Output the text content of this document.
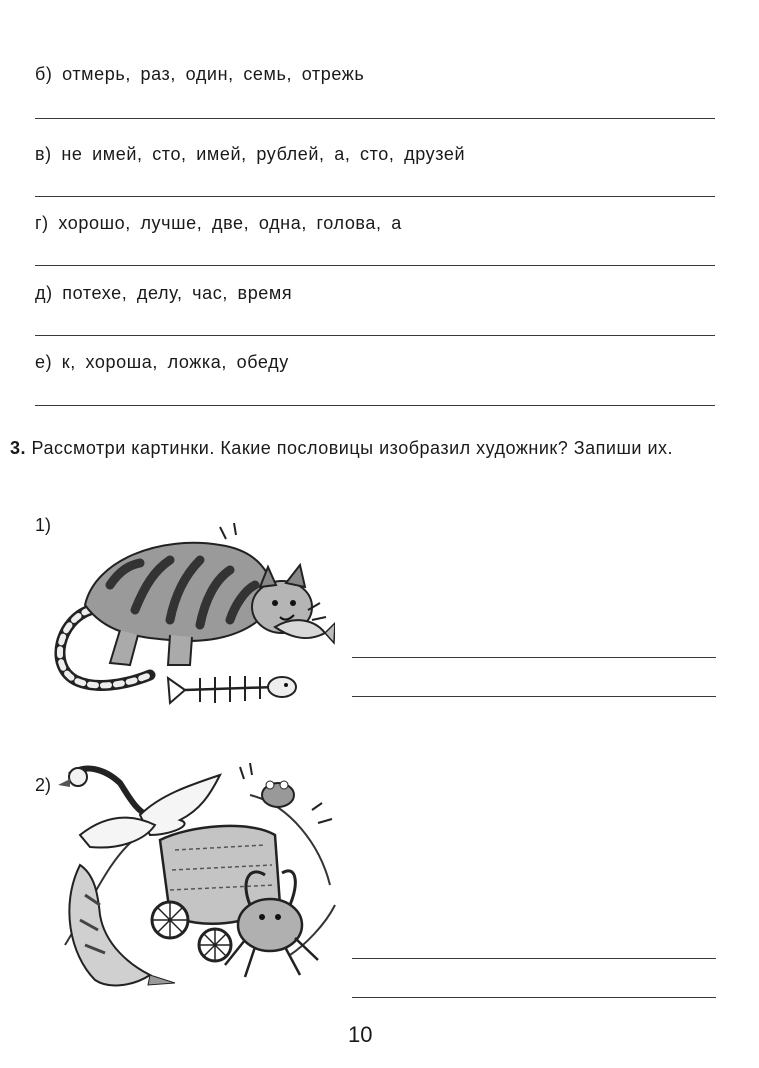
б) отмерь, раз, один, семь, отрежь
в) не имей, сто, имей, рублей, а, сто, друзей
г) хорошо, лучше, две, одна, голова, а
д) потехе, делу, час, время
е) к, хороша, ложка, обеду
3. Рассмотри картинки. Какие пословицы изобразил художник? Запиши их.
1)
2)
10
